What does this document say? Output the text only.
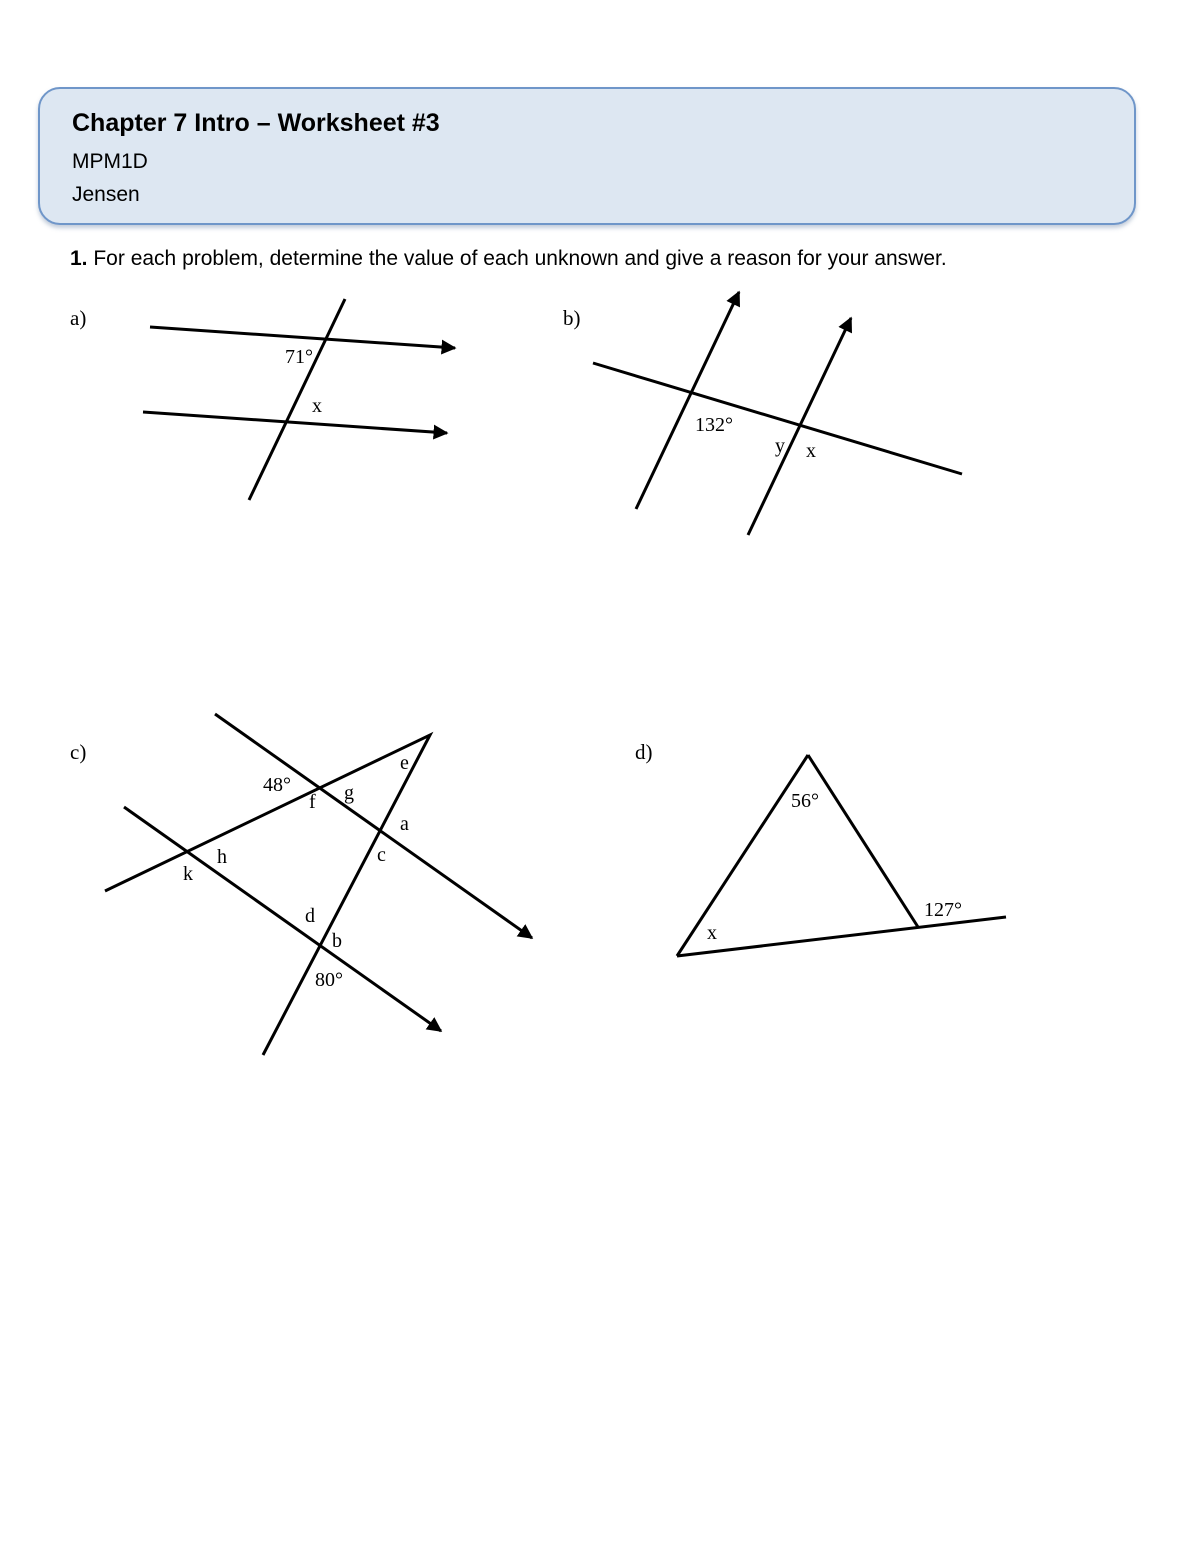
Chapter 7 Intro – Worksheet #3
MPM1D
Jensen
1. For each problem, determine the value of each unknown and give a reason for your answer.
a)
71°
x
b)
132°
y x
c)
48°
e
f g
a
c
h
k
d
b
80°
d)
56°
127°
x
